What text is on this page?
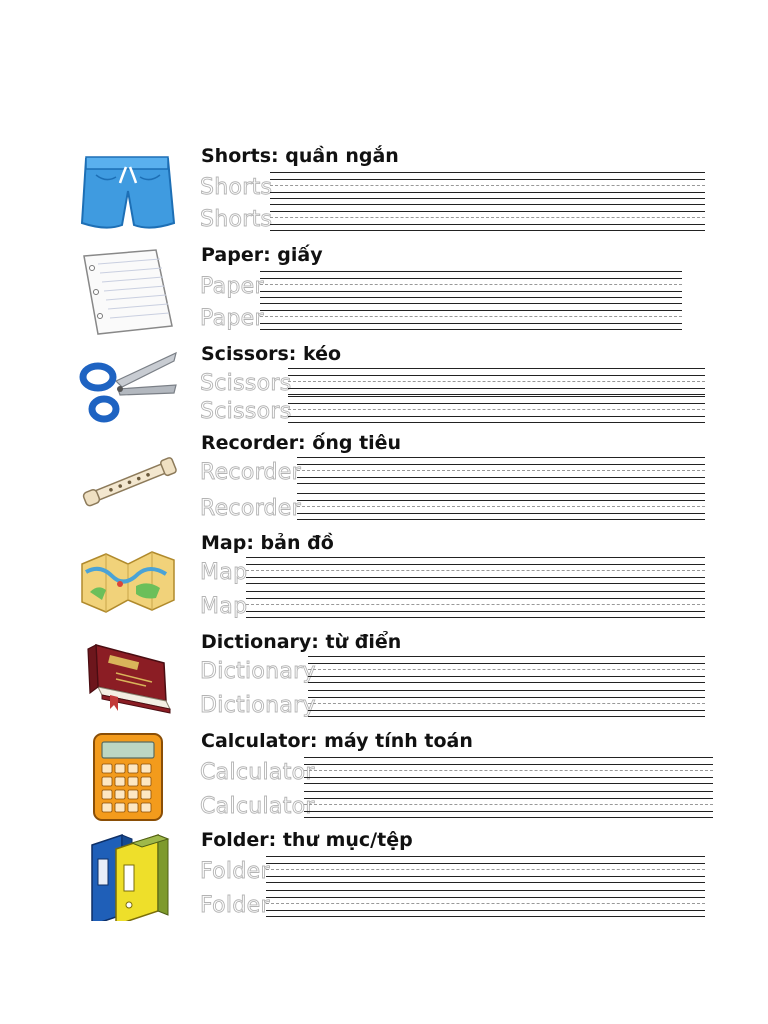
Shorts: quần ngắn
Shorts
Shorts
Paper: giấy
Paper
Paper
Scissors: kéo
Scissors
Scissors
Recorder: ống tiêu
Recorder
Recorder
Map: bản đồ
Map
Map
Dictionary: từ điển
Dictionary
Dictionary
Calculator: máy tính toán
Calculator
Calculator
Folder: thư mục/tệp
Folder
Folder
